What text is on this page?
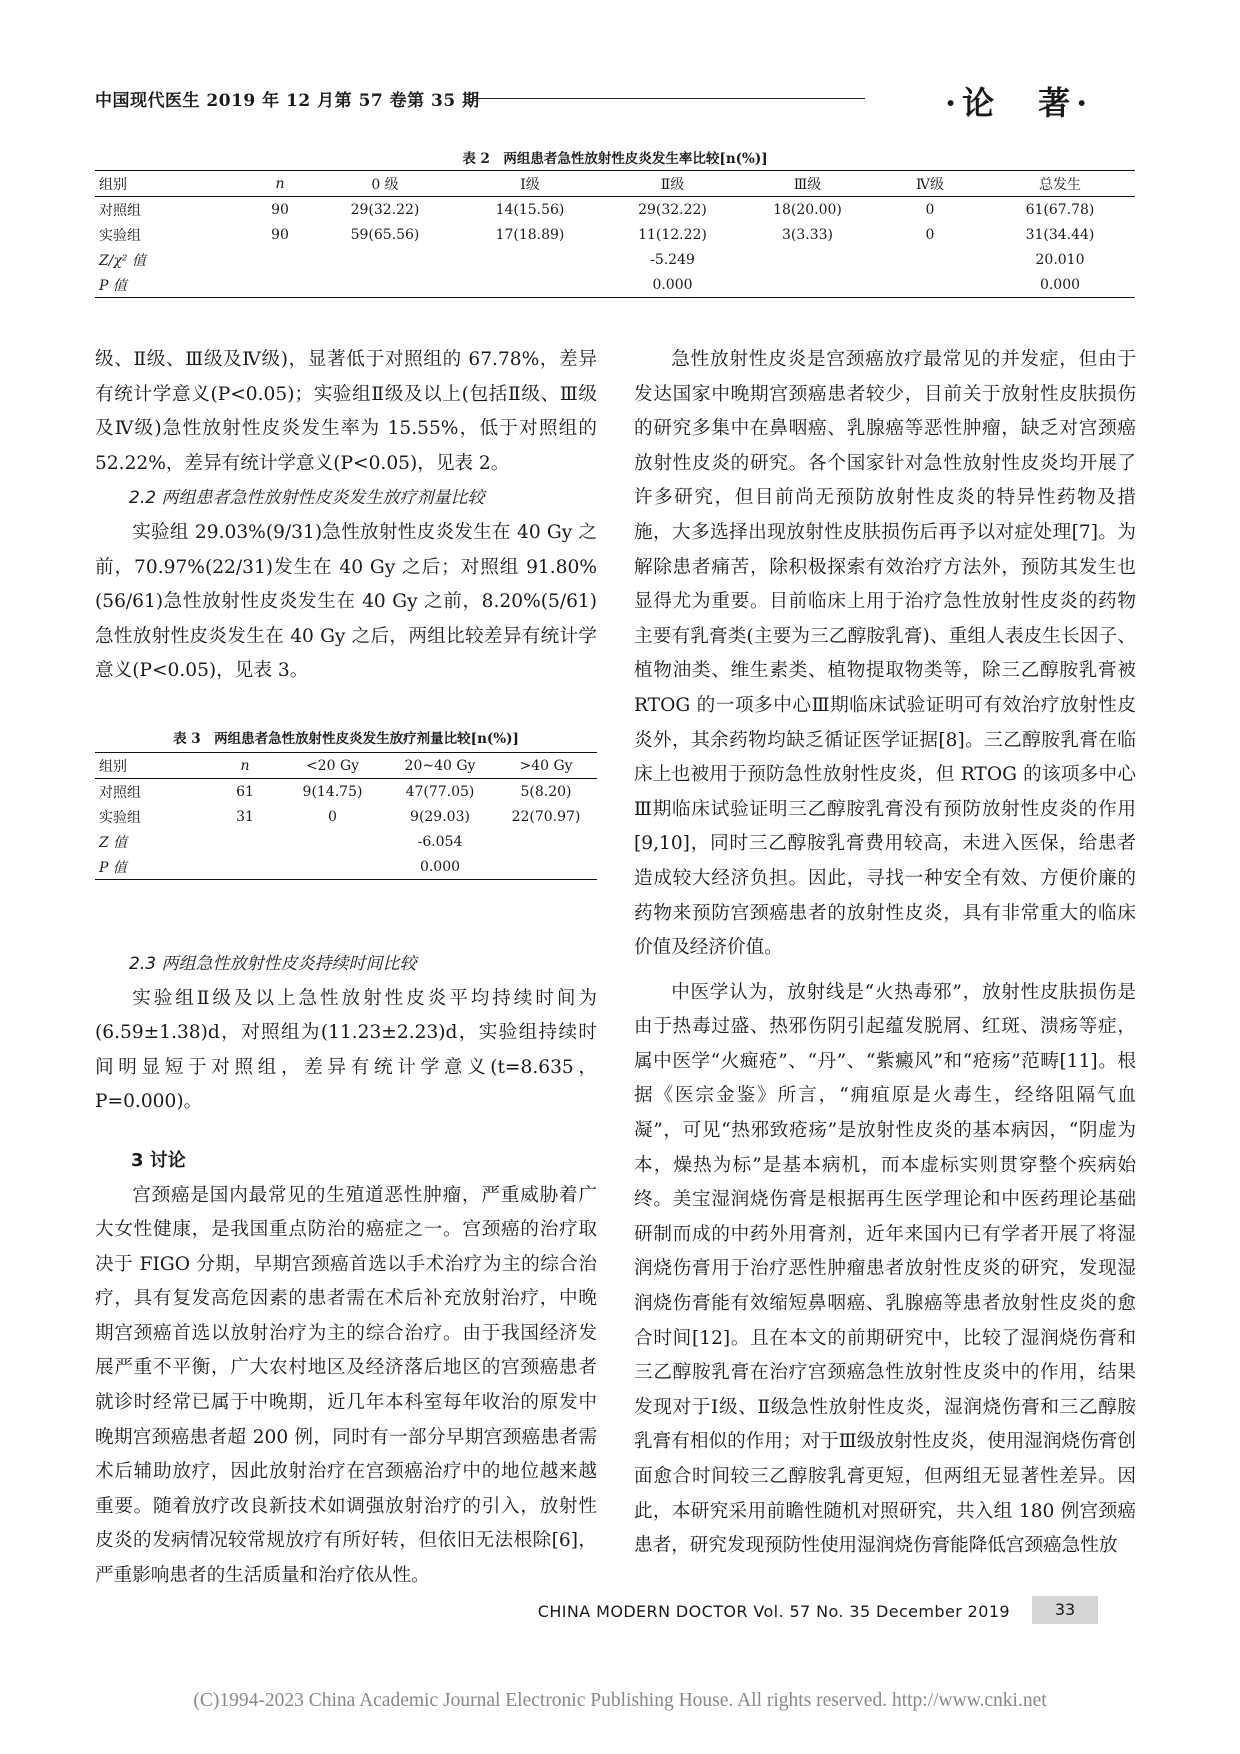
中国现代医生 2019 年 12 月第 57 卷第 35 期	·论　著·
表 2　两组患者急性放射性皮炎发生率比较[n(%)]
组别	n	0 级	Ⅰ级	Ⅱ级	Ⅲ级	Ⅳ级	总发生
对照组	90	29(32.22)	14(15.56)	29(32.22)	18(20.00)	0	61(67.78)
实验组	90	59(65.56)	17(18.89)	11(12.22)	3(3.33)	0	31(34.44)
Z/χ² 值				-5.249			20.010
P 值				0.000			0.000

级、Ⅱ级、Ⅲ级及Ⅳ级)，显著低于对照组的 67.78%，差异有统计学意义(P<0.05)；实验组Ⅱ级及以上(包括Ⅱ级、Ⅲ级及Ⅳ级)急性放射性皮炎发生率为 15.55%，低于对照组的 52.22%，差异有统计学意义(P<0.05)，见表 2。

2.2 两组患者急性放射性皮炎发生放疗剂量比较

实验组 29.03%(9/31)急性放射性皮炎发生在 40 Gy 之前，70.97%(22/31)发生在 40 Gy 之后；对照组 91.80%(56/61)急性放射性皮炎发生在 40 Gy 之前，8.20%(5/61)急性放射性皮炎发生在 40 Gy 之后，两组比较差异有统计学意义(P<0.05)，见表 3。

2.3 两组急性放射性皮炎持续时间比较

实验组Ⅱ级及以上急性放射性皮炎平均持续时间为(6.59±1.38)d，对照组为(11.23±2.23)d，实验组持续时间明显短于对照组，差异有统计学意义(t=8.635，P=0.000)。

3 讨论

宫颈癌是国内最常见的生殖道恶性肿瘤，严重威胁着广大女性健康，是我国重点防治的癌症之一。宫颈癌的治疗取决于 FIGO 分期，早期宫颈癌首选以手术治疗为主的综合治疗，具有复发高危因素的患者需在术后补充放射治疗，中晚期宫颈癌首选以放射治疗为主的综合治疗。由于我国经济发展严重不平衡，广大农村地区及经济落后地区的宫颈癌患者就诊时经常已属于中晚期，近几年本科室每年收治的原发中晚期宫颈癌患者超 200 例，同时有一部分早期宫颈癌患者需术后辅助放疗，因此放射治疗在宫颈癌治疗中的地位越来越重要。随着放疗改良新技术如调强放射治疗的引入，放射性皮炎的发病情况较常规放疗有所好转，但依旧无法根除[6]，严重影响患者的生活质量和治疗依从性。

表 3　两组患者急性放射性皮炎发生放疗剂量比较[n(%)]
组别	n	<20 Gy	20~40 Gy	>40 Gy
对照组	61	9(14.75)	47(77.05)	5(8.20)
实验组	31	0	9(29.03)	22(70.97)
Z 值			-6.054	
P 值			0.000	

急性放射性皮炎是宫颈癌放疗最常见的并发症，但由于发达国家中晚期宫颈癌患者较少，目前关于放射性皮肤损伤的研究多集中在鼻咽癌、乳腺癌等恶性肿瘤，缺乏对宫颈癌放射性皮炎的研究。各个国家针对急性放射性皮炎均开展了许多研究，但目前尚无预防放射性皮炎的特异性药物及措施，大多选择出现放射性皮肤损伤后再予以对症处理[7]。为解除患者痛苦，除积极探索有效治疗方法外，预防其发生也显得尤为重要。目前临床上用于治疗急性放射性皮炎的药物主要有乳膏类(主要为三乙醇胺乳膏)、重组人表皮生长因子、植物油类、维生素类、植物提取物类等，除三乙醇胺乳膏被 RTOG 的一项多中心Ⅲ期临床试验证明可有效治疗放射性皮炎外，其余药物均缺乏循证医学证据[8]。三乙醇胺乳膏在临床上也被用于预防急性放射性皮炎，但 RTOG 的该项多中心Ⅲ期临床试验证明三乙醇胺乳膏没有预防放射性皮炎的作用[9,10]，同时三乙醇胺乳膏费用较高，未进入医保，给患者造成较大经济负担。因此，寻找一种安全有效、方便价廉的药物来预防宫颈癌患者的放射性皮炎，具有非常重大的临床价值及经济价值。

中医学认为，放射线是“火热毒邪”，放射性皮肤损伤是由于热毒过盛、热邪伤阴引起蕴发脱屑、红斑、溃疡等症，属中医学“火癍疮”、“丹”、“紫癜风”和“疮疡”范畴[11]。根据《医宗金鉴》所言，“痈疽原是火毒生，经络阻隔气血凝”，可见“热邪致疮疡”是放射性皮炎的基本病因，“阴虚为本，燥热为标”是基本病机，而本虚标实则贯穿整个疾病始终。美宝湿润烧伤膏是根据再生医学理论和中医药理论基础研制而成的中药外用膏剂，近年来国内已有学者开展了将湿润烧伤膏用于治疗恶性肿瘤患者放射性皮炎的研究，发现湿润烧伤膏能有效缩短鼻咽癌、乳腺癌等患者放射性皮炎的愈合时间[12]。且在本文的前期研究中，比较了湿润烧伤膏和三乙醇胺乳膏在治疗宫颈癌急性放射性皮炎中的作用，结果发现对于Ⅰ级、Ⅱ级急性放射性皮炎，湿润烧伤膏和三乙醇胺乳膏有相似的作用；对于Ⅲ级放射性皮炎，使用湿润烧伤膏创面愈合时间较三乙醇胺乳膏更短，但两组无显著性差异。因此，本研究采用前瞻性随机对照研究，共入组 180 例宫颈癌患者，研究发现预防性使用湿润烧伤膏能降低宫颈癌急性放

CHINA MODERN DOCTOR Vol. 57 No. 35 December 2019	33
(C)1994-2023 China Academic Journal Electronic Publishing House. All rights reserved. http://www.cnki.net
